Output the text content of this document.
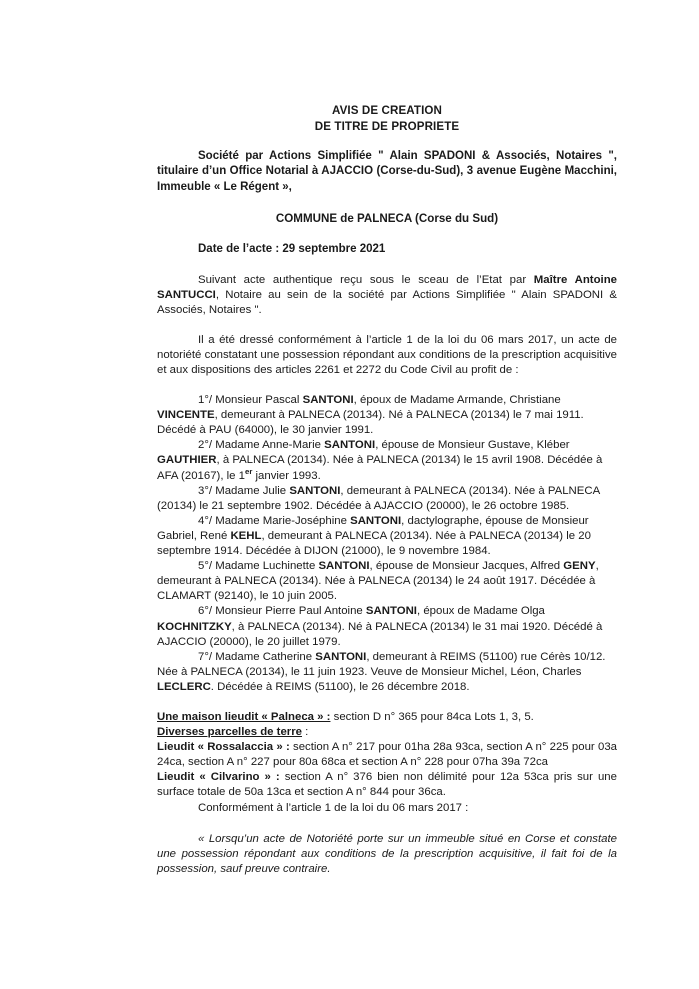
AVIS DE CREATION
DE TITRE DE PROPRIETE
Société par Actions Simplifiée " Alain SPADONI & Associés, Notaires ", titulaire d’un Office Notarial à AJACCIO (Corse-du-Sud), 3 avenue Eugène Macchini, Immeuble « Le Régent »,
COMMUNE de PALNECA (Corse du Sud)
Date de l’acte : 29 septembre 2021

Suivant acte authentique reçu sous le sceau de l’Etat par Maître Antoine SANTUCCI, Notaire au sein de la société par Actions Simplifiée " Alain SPADONI & Associés, Notaires ".

Il a été dressé conformément à l’article 1 de la loi du 06 mars 2017, un acte de notoriété constatant une possession répondant aux conditions de la prescription acquisitive et aux dispositions des articles 2261 et 2272 du Code Civil au profit de :

1°/ Monsieur Pascal SANTONI, époux de Madame Armande, Christiane VINCENTE, demeurant à PALNECA (20134). Né à PALNECA (20134) le 7 mai 1911. Décédé à PAU (64000), le 30 janvier 1991.

2°/ Madame Anne-Marie SANTONI, épouse de Monsieur Gustave, Kléber GAUTHIER, à PALNECA (20134). Née à PALNECA (20134) le 15 avril 1908. Décédée à AFA (20167), le 1er janvier 1993.

3°/ Madame Julie SANTONI, demeurant à PALNECA (20134). Née à PALNECA (20134) le 21 septembre 1902. Décédée à AJACCIO (20000), le 26 octobre 1985.

4°/ Madame Marie-Joséphine SANTONI, dactylographe, épouse de Monsieur Gabriel, René KEHL, demeurant à PALNECA (20134). Née à PALNECA (20134) le 20 septembre 1914. Décédée à DIJON (21000), le 9 novembre 1984.

5°/ Madame Luchinette SANTONI, épouse de Monsieur Jacques, Alfred GENY, demeurant à PALNECA (20134). Née à PALNECA (20134) le 24 août 1917. Décédée à CLAMART (92140), le 10 juin 2005.

6°/ Monsieur Pierre Paul Antoine SANTONI, époux de Madame Olga KOCHNITZKY, à PALNECA (20134). Né à PALNECA (20134) le 31 mai 1920. Décédé à AJACCIO (20000), le 20 juillet 1979.

7°/ Madame Catherine SANTONI, demeurant à REIMS (51100) rue Cérès 10/12.

Née à PALNECA (20134), le 11 juin 1923. Veuve de Monsieur Michel, Léon, Charles LECLERC. Décédée à REIMS (51100), le 26 décembre 2018.

Une maison lieudit « Palneca » : section D n° 365 pour 84ca Lots 1, 3, 5.

Diverses parcelles de terre :

Lieudit « Rossalaccia » : section A n° 217 pour 01ha 28a 93ca, section A n° 225 pour 03a 24ca, section A n° 227 pour 80a 68ca et section A n° 228 pour 07ha 39a 72ca

Lieudit « Cilvarino » : section A n° 376 bien non délimité pour 12a 53ca pris sur une surface totale de 50a 13ca et section A n° 844 pour 36ca.

Conformément à l’article 1 de la loi du 06 mars 2017 :

« Lorsqu’un acte de Notoriété porte sur un immeuble situé en Corse et constate une possession répondant aux conditions de la prescription acquisitive, il fait foi de la possession, sauf preuve contraire.
